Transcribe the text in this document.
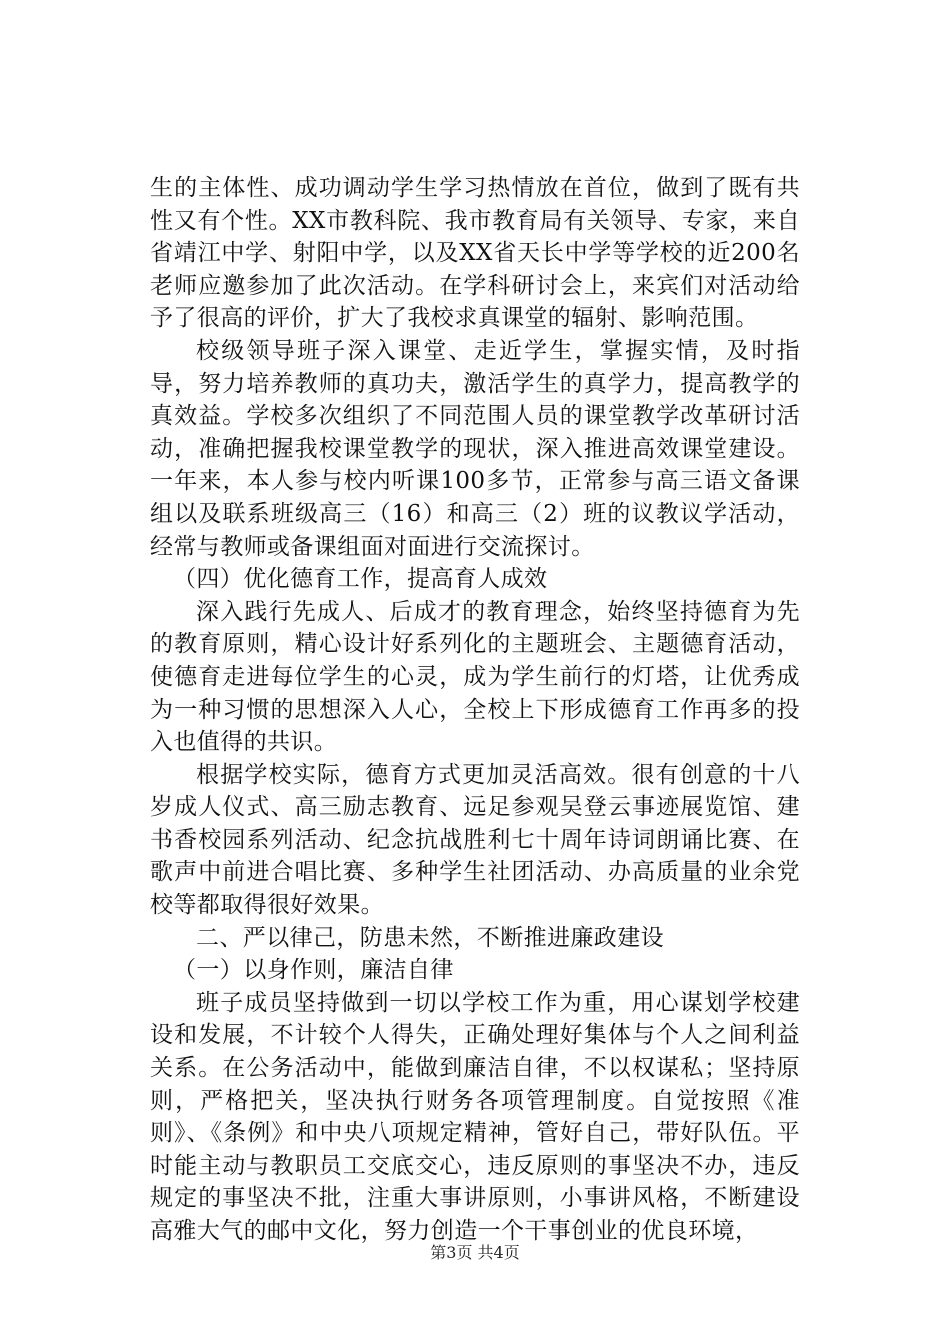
生的主体性、成功调动学生学习热情放在首位，做到了既有共性又有个性。XX市教科院、我市教育局有关领导、专家，来自省靖江中学、射阳中学，以及XX省天长中学等学校的近200名老师应邀参加了此次活动。在学科研讨会上，来宾们对活动给予了很高的评价，扩大了我校求真课堂的辐射、影响范围。

校级领导班子深入课堂、走近学生，掌握实情，及时指导，努力培养教师的真功夫，激活学生的真学力，提高教学的真效益。学校多次组织了不同范围人员的课堂教学改革研讨活动，准确把握我校课堂教学的现状，深入推进高效课堂建设。一年来，本人参与校内听课100多节，正常参与高三语文备课组以及联系班级高三（16）和高三（2）班的议教议学活动，经常与教师或备课组面对面进行交流探讨。

（四）优化德育工作，提高育人成效

深入践行先成人、后成才的教育理念，始终坚持德育为先的教育原则，精心设计好系列化的主题班会、主题德育活动，使德育走进每位学生的心灵，成为学生前行的灯塔，让优秀成为一种习惯的思想深入人心，全校上下形成德育工作再多的投入也值得的共识。

根据学校实际，德育方式更加灵活高效。很有创意的十八岁成人仪式、高三励志教育、远足参观吴登云事迹展览馆、建书香校园系列活动、纪念抗战胜利七十周年诗词朗诵比赛、在歌声中前进合唱比赛、多种学生社团活动、办高质量的业余党校等都取得很好效果。

二、严以律己，防患未然，不断推进廉政建设

（一）以身作则，廉洁自律

班子成员坚持做到一切以学校工作为重，用心谋划学校建设和发展，不计较个人得失，正确处理好集体与个人之间利益关系。在公务活动中，能做到廉洁自律，不以权谋私；坚持原则，严格把关，坚决执行财务各项管理制度。自觉按照《准则》、《条例》和中央八项规定精神，管好自己，带好队伍。平时能主动与教职员工交底交心，违反原则的事坚决不办，违反规定的事坚决不批，注重大事讲原则，小事讲风格，不断建设高雅大气的邮中文化，努力创造一个干事创业的优良环境，

第3页 共4页
